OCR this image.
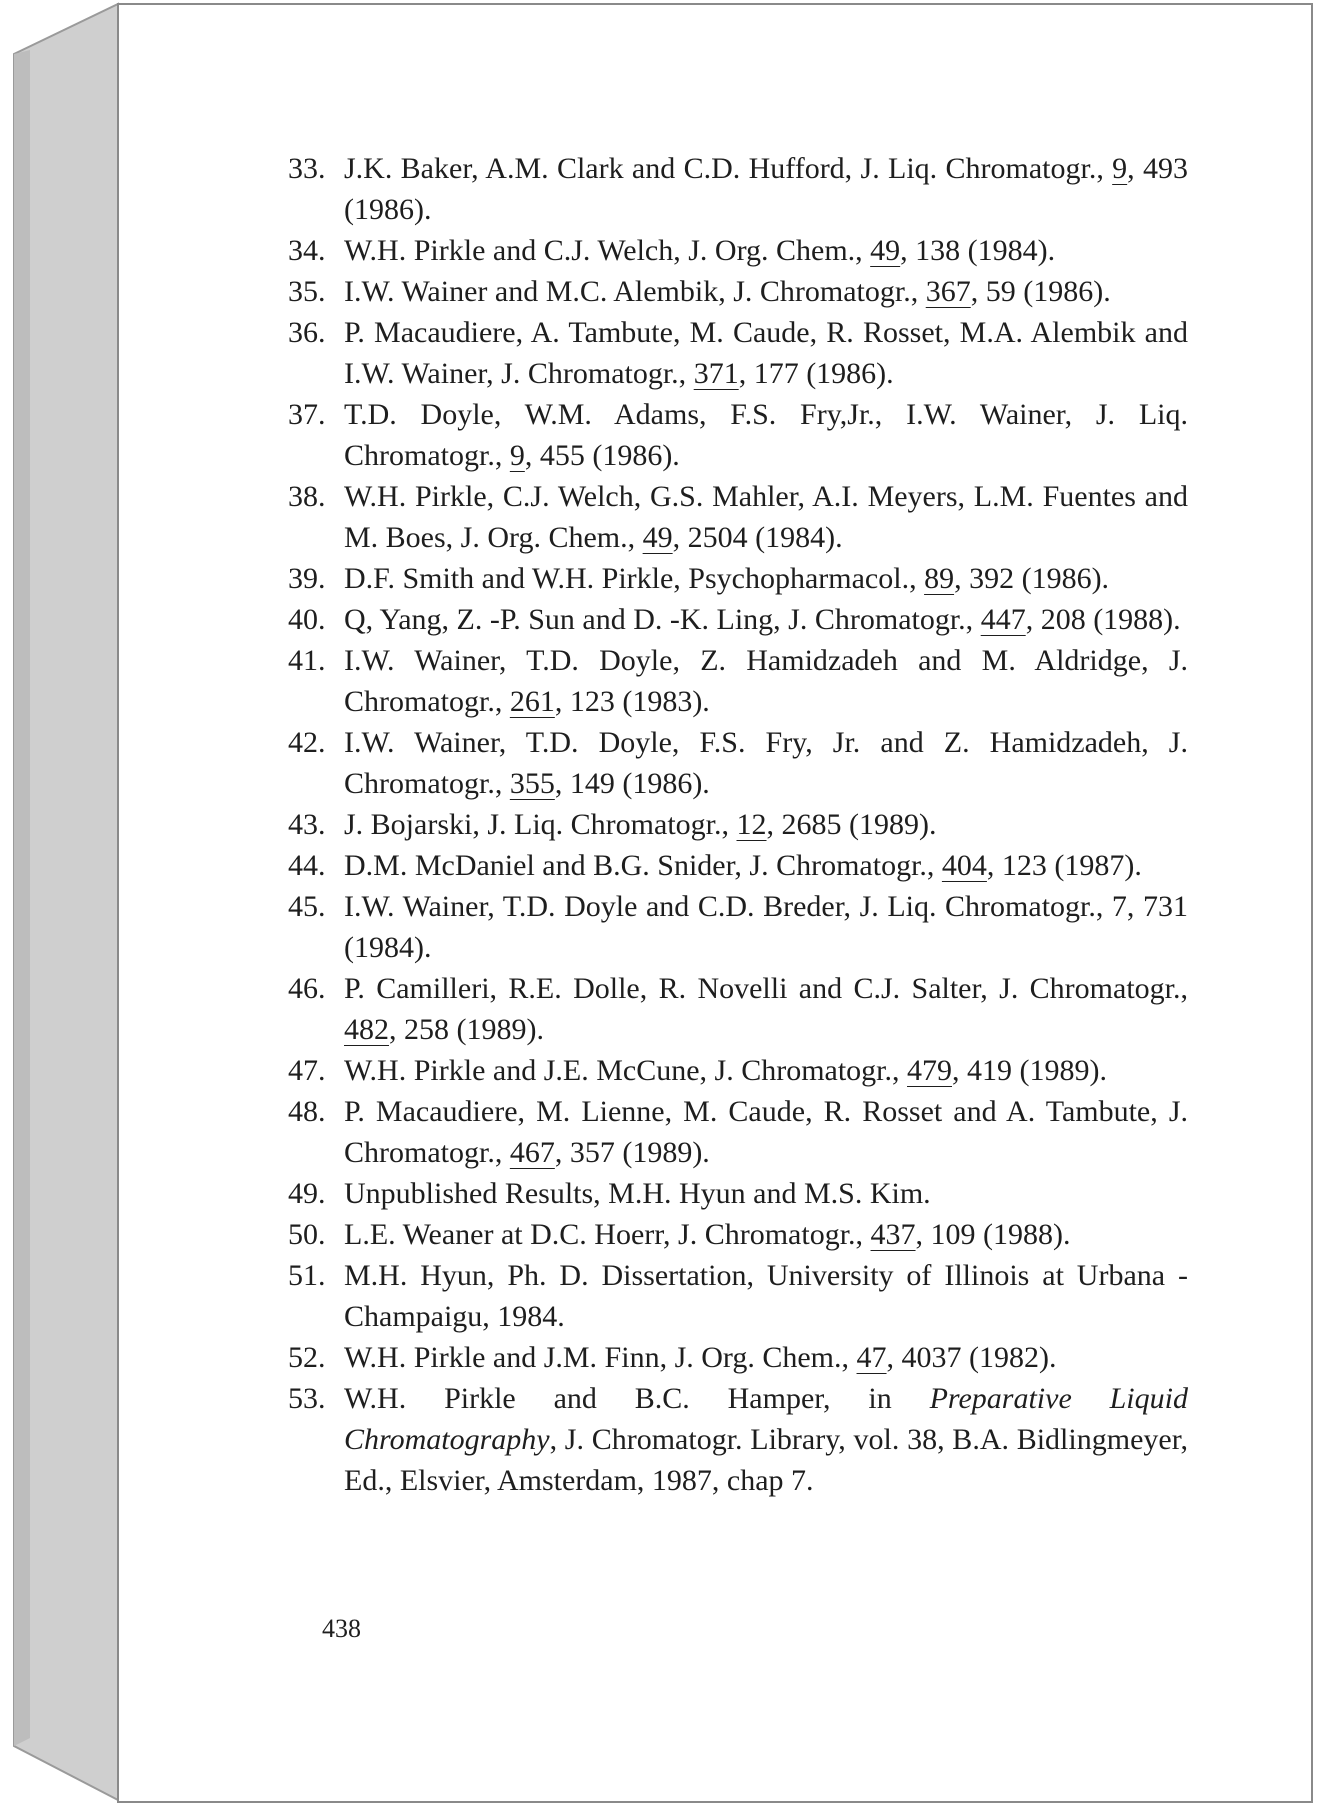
33. J.K. Baker, A.M. Clark and C.D. Hufford, J. Liq. Chromatogr., 9, 493 (1986).
34. W.H. Pirkle and C.J. Welch, J. Org. Chem., 49, 138 (1984).
35. I.W. Wainer and M.C. Alembik, J. Chromatogr., 367, 59 (1986).
36. P. Macaudiere, A. Tambute, M. Caude, R. Rosset, M.A. Alembik and I.W. Wainer, J. Chromatogr., 371, 177 (1986).
37. T.D. Doyle, W.M. Adams, F.S. Fry,Jr., I.W. Wainer, J. Liq. Chromatogr., 9, 455 (1986).
38. W.H. Pirkle, C.J. Welch, G.S. Mahler, A.I. Meyers, L.M. Fuentes and M. Boes, J. Org. Chem., 49, 2504 (1984).
39. D.F. Smith and W.H. Pirkle, Psychopharmacol., 89, 392 (1986).
40. Q, Yang, Z. -P. Sun and D. -K. Ling, J. Chromatogr., 447, 208 (1988).
41. I.W. Wainer, T.D. Doyle, Z. Hamidzadeh and M. Aldridge, J. Chromatogr., 261, 123 (1983).
42. I.W. Wainer, T.D. Doyle, F.S. Fry, Jr. and Z. Hamidzadeh, J. Chromatogr., 355, 149 (1986).
43. J. Bojarski, J. Liq. Chromatogr., 12, 2685 (1989).
44. D.M. McDaniel and B.G. Snider, J. Chromatogr., 404, 123 (1987).
45. I.W. Wainer, T.D. Doyle and C.D. Breder, J. Liq. Chromatogr., 7, 731 (1984).
46. P. Camilleri, R.E. Dolle, R. Novelli and C.J. Salter, J. Chromatogr., 482, 258 (1989).
47. W.H. Pirkle and J.E. McCune, J. Chromatogr., 479, 419 (1989).
48. P. Macaudiere, M. Lienne, M. Caude, R. Rosset and A. Tambute, J. Chromatogr., 467, 357 (1989).
49. Unpublished Results, M.H. Hyun and M.S. Kim.
50. L.E. Weaner at D.C. Hoerr, J. Chromatogr., 437, 109 (1988).
51. M.H. Hyun, Ph. D. Dissertation, University of Illinois at Urbana -Champaigu, 1984.
52. W.H. Pirkle and J.M. Finn, J. Org. Chem., 47, 4037 (1982).
53. W.H. Pirkle and B.C. Hamper, in Preparative Liquid Chromatography, J. Chromatogr. Library, vol. 38, B.A. Bidlingmeyer, Ed., Elsvier, Amsterdam, 1987, chap 7.
438
